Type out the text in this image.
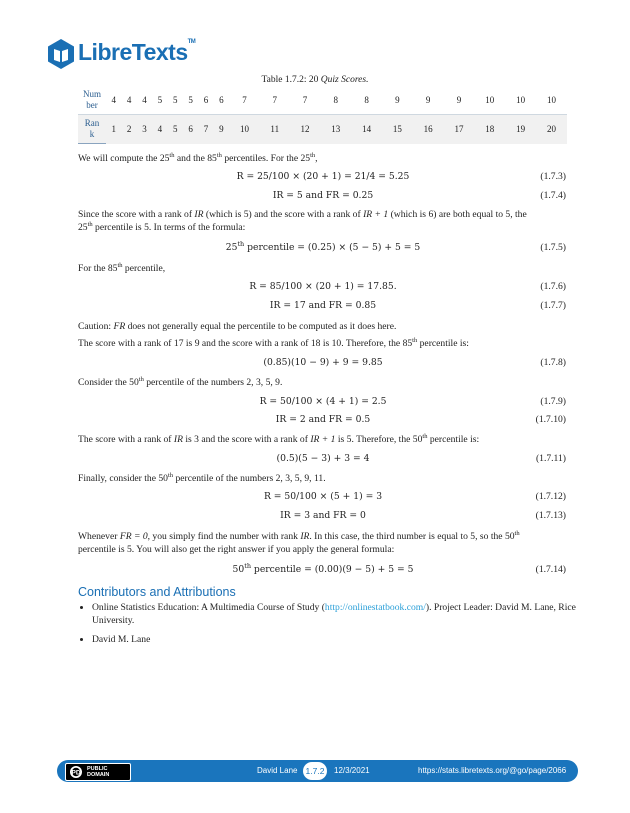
LibreTexts™
Table 1.7.2: 20 Quiz Scores.
Num
ber	4	4	4	5	5	5	6	6	7	7	7	8	8	9	9	9	10	10	10
Ran
k	1	2	3	4	5	6	7	9	10	11	12	13	14	15	16	17	18	19	20
We will compute the 25th and the 85th percentiles. For the 25th,
R = 25/100 × (20 + 1) = 21/4 = 5.25	(1.7.3)
IR = 5 and FR = 0.25	(1.7.4)
Since the score with a rank of IR (which is 5) and the score with a rank of IR + 1 (which is 6) are both equal to 5, the
25th percentile is 5. In terms of the formula:
25th percentile = (0.25) × (5 − 5) + 5 = 5	(1.7.5)
For the 85th percentile,
R = 85/100 × (20 + 1) = 17.85.	(1.7.6)
IR = 17 and FR = 0.85	(1.7.7)
Caution: FR does not generally equal the percentile to be computed as it does here.
The score with a rank of 17 is 9 and the score with a rank of 18 is 10. Therefore, the 85th percentile is:
(0.85)(10 − 9) + 9 = 9.85	(1.7.8)
Consider the 50th percentile of the numbers 2, 3, 5, 9.
R = 50/100 × (4 + 1) = 2.5	(1.7.9)
IR = 2 and FR = 0.5	(1.7.10)
The score with a rank of IR is 3 and the score with a rank of IR + 1 is 5. Therefore, the 50th percentile is:
(0.5)(5 − 3) + 3 = 4	(1.7.11)
Finally, consider the 50th percentile of the numbers 2, 3, 5, 9, 11.
R = 50/100 × (5 + 1) = 3	(1.7.12)
IR = 3 and FR = 0	(1.7.13)
Whenever FR = 0, you simply find the number with rank IR. In this case, the third number is equal to 5, so the 50th
percentile is 5. You will also get the right answer if you apply the general formula:
50th percentile = (0.00)(9 − 5) + 5 = 5	(1.7.14)
Contributors and Attributions
• Online Statistics Education: A Multimedia Course of Study (http://onlinestatbook.com/). Project Leader: David M. Lane, Rice University.
• David M. Lane
PD
PUBLIC
DOMAIN	David Lane 1.7.2	12/3/2021	https://stats.libretexts.org/@go/page/2066
